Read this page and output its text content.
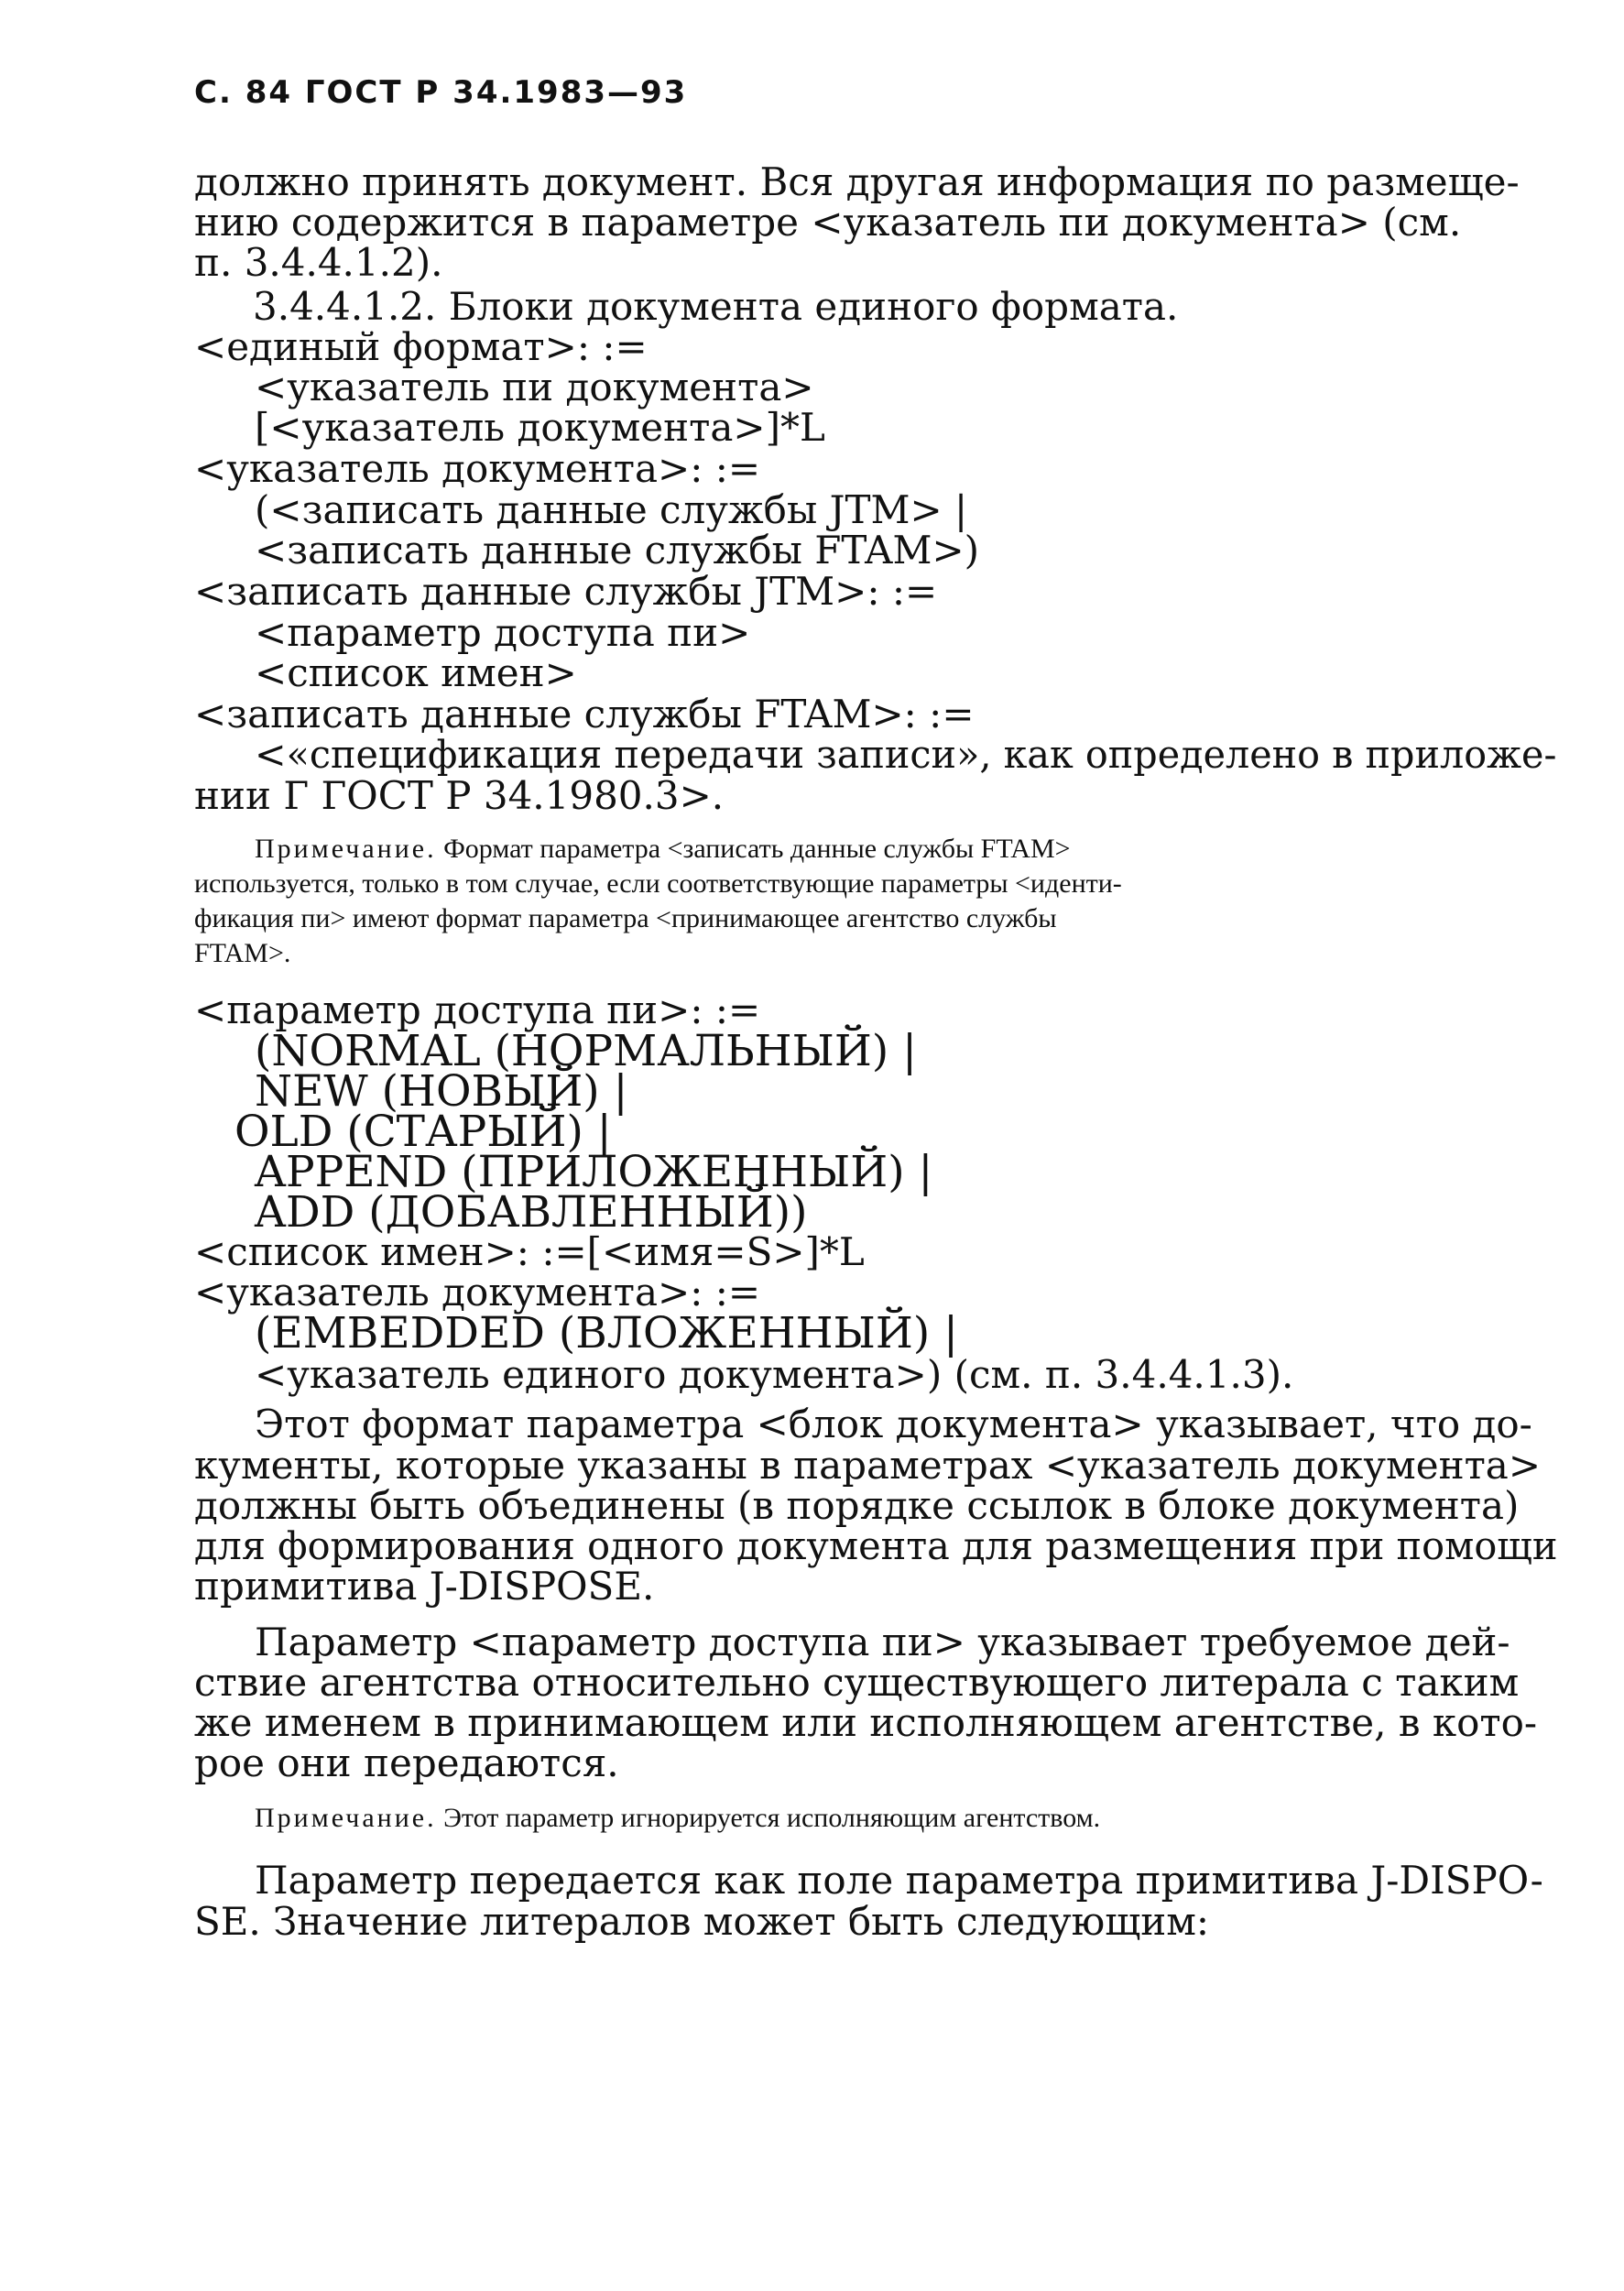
С. 84 ГОСТ Р 34.1983—93
должно принять документ. Вся другая информация по размеще-
нию содержится в параметре <указатель пи документа> (см.
п. 3.4.4.1.2).
3.4.4.1.2. Блоки документа единого формата.
<единый формат>: :=
<указатель пи документа>
[<указатель документа>]*L
<указатель документа>: :=
(<записать данные службы JTM> |
<записать данные службы FTAM>)
<записать данные службы JTM>: :=
<параметр доступа пи>
<список имен>
<записать данные службы FTAM>: :=
<«спецификация передачи записи», как определено в приложе-
нии Г ГОСТ Р 34.1980.3>.
Примечание. Формат параметра <записать данные службы FTAM>
используется, только в том случае, если соответствующие параметры <иденти-
фикация пи> имеют формат параметра <принимающее агентство службы
FTAM>.
<параметр доступа пи>: :=
(NORMAL (НОРМАЛЬНЫЙ) |
NEW (НОВЫЙ) |
OLD (СТАРЫЙ) |
APPEND (ПРИЛОЖЕННЫЙ) |
ADD (ДОБАВЛЕННЫЙ))
<список имен>: :=[<имя=S>]*L
<указатель документа>: :=
(EMBEDDED (ВЛОЖЕННЫЙ) |
<указатель единого документа>) (см. п. 3.4.4.1.3).
Этот формат параметра <блок документа> указывает, что до-
кументы, которые указаны в параметрах <указатель документа>
должны быть объединены (в порядке ссылок в блоке документа)
для формирования одного документа для размещения при помощи
примитива J-DISPOSE.
Параметр <параметр доступа пи> указывает требуемое дей-
ствие агентства относительно существующего литерала с таким
же именем в принимающем или исполняющем агентстве, в кото-
рое они передаются.
Примечание. Этот параметр игнорируется исполняющим агентством.
Параметр передается как поле параметра примитива J-DISPO-
SE. Значение литералов может быть следующим:
